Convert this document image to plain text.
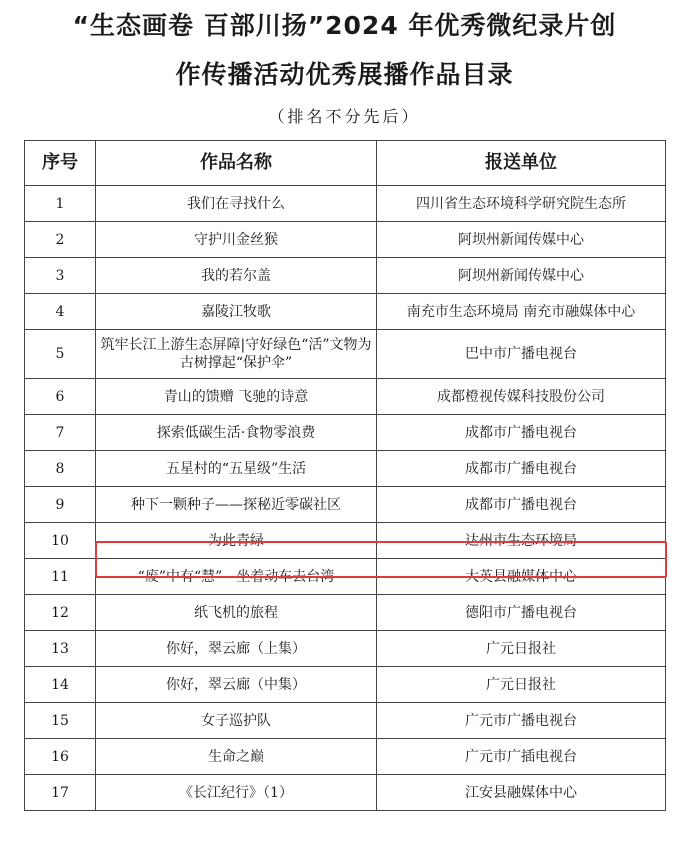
“生态画卷 百部川扬”2024 年优秀微纪录片创
作传播活动优秀展播作品目录
（排名不分先后）
序号	作品名称	报送单位
1	我们在寻找什么	四川省生态环境科学研究院生态所
2	守护川金丝猴	阿坝州新闻传媒中心
3	我的若尔盖	阿坝州新闻传媒中心
4	嘉陵江牧歌	南充市生态环境局 南充市融媒体中心
5	筑牢长江上游生态屏障|守好绿色“活”文物为古树撑起“保护伞”	巴中市广播电视台
6	青山的馈赠 飞驰的诗意	成都橙视传媒科技股份公司
7	探索低碳生活·食物零浪费	成都市广播电视台
8	五星村的“五星级”生活	成都市广播电视台
9	种下一颗种子——探秘近零碳社区	成都市广播电视台
10	为此青绿	达州市生态环境局
11	“废”中有“慧”—坐着动车去台湾	大英县融媒体中心
12	纸飞机的旅程	德阳市广播电视台
13	你好，翠云廊（上集）	广元日报社
14	你好，翠云廊（中集）	广元日报社
15	女子巡护队	广元市广播电视台
16	生命之巅	广元市广插电视台
17	《长江纪行》（1）	江安县融媒体中心
